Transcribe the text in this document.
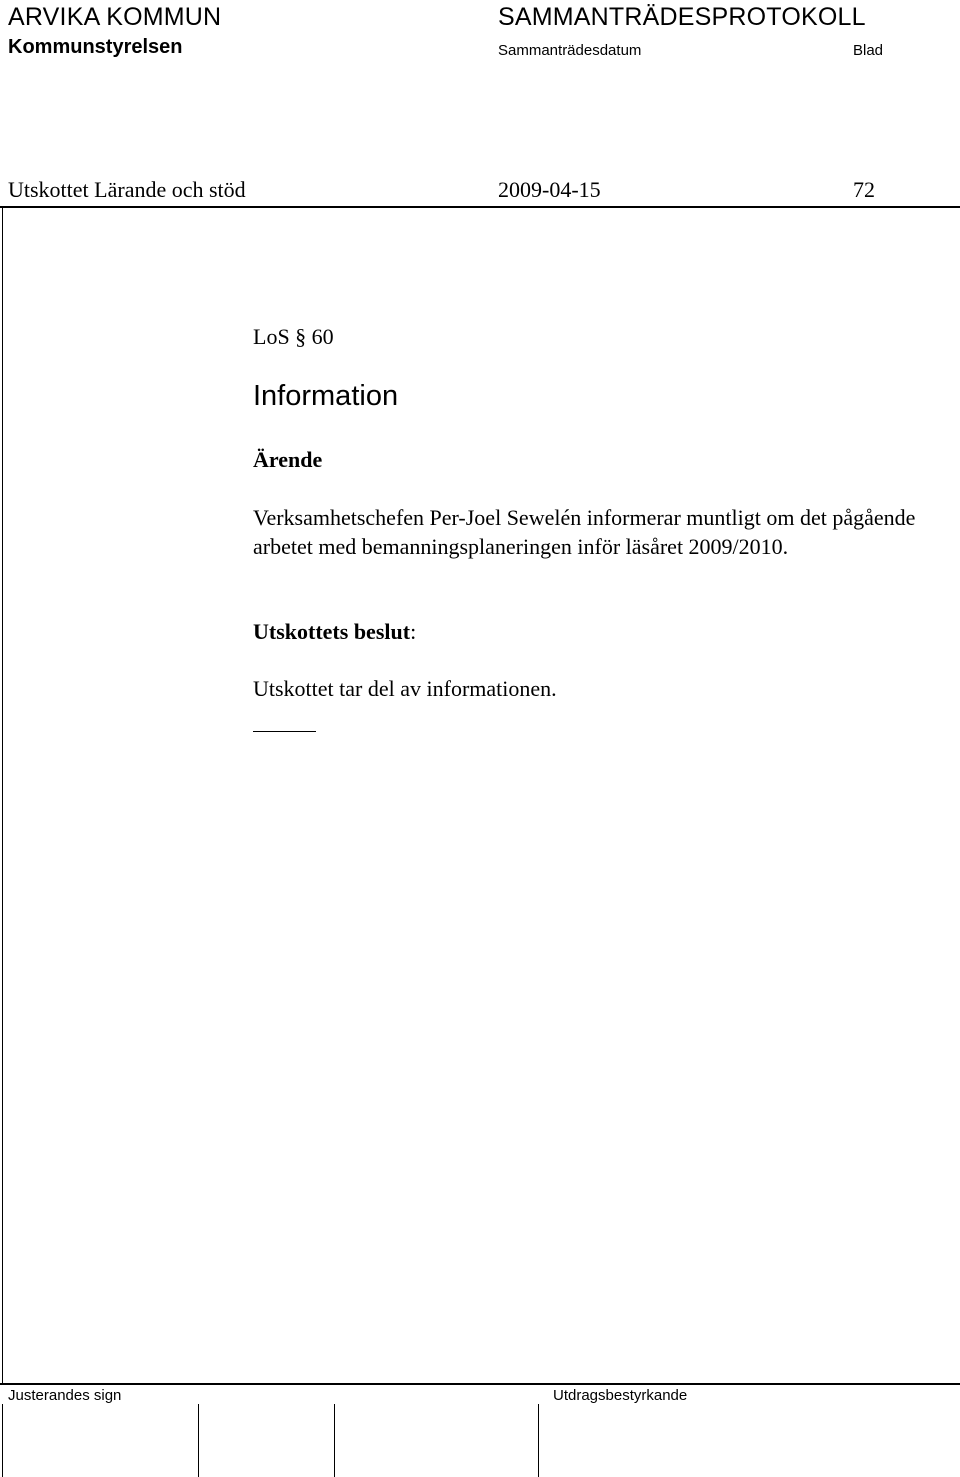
ARVIKA KOMMUN
Kommunstyrelsen
SAMMANTRÄDESPROTOKOLL
Sammanträdesdatum	Blad
Utskottet Lärande och stöd	2009-04-15	72
LoS § 60
Information
Ärende

Verksamhetschefen Per-Joel Sewelén informerar muntligt om det pågående arbetet med bemanningsplaneringen inför läsåret 2009/2010.

Utskottets beslut:
Utskottet tar del av informationen.
Justerandes sign	Utdragsbestyrkande
